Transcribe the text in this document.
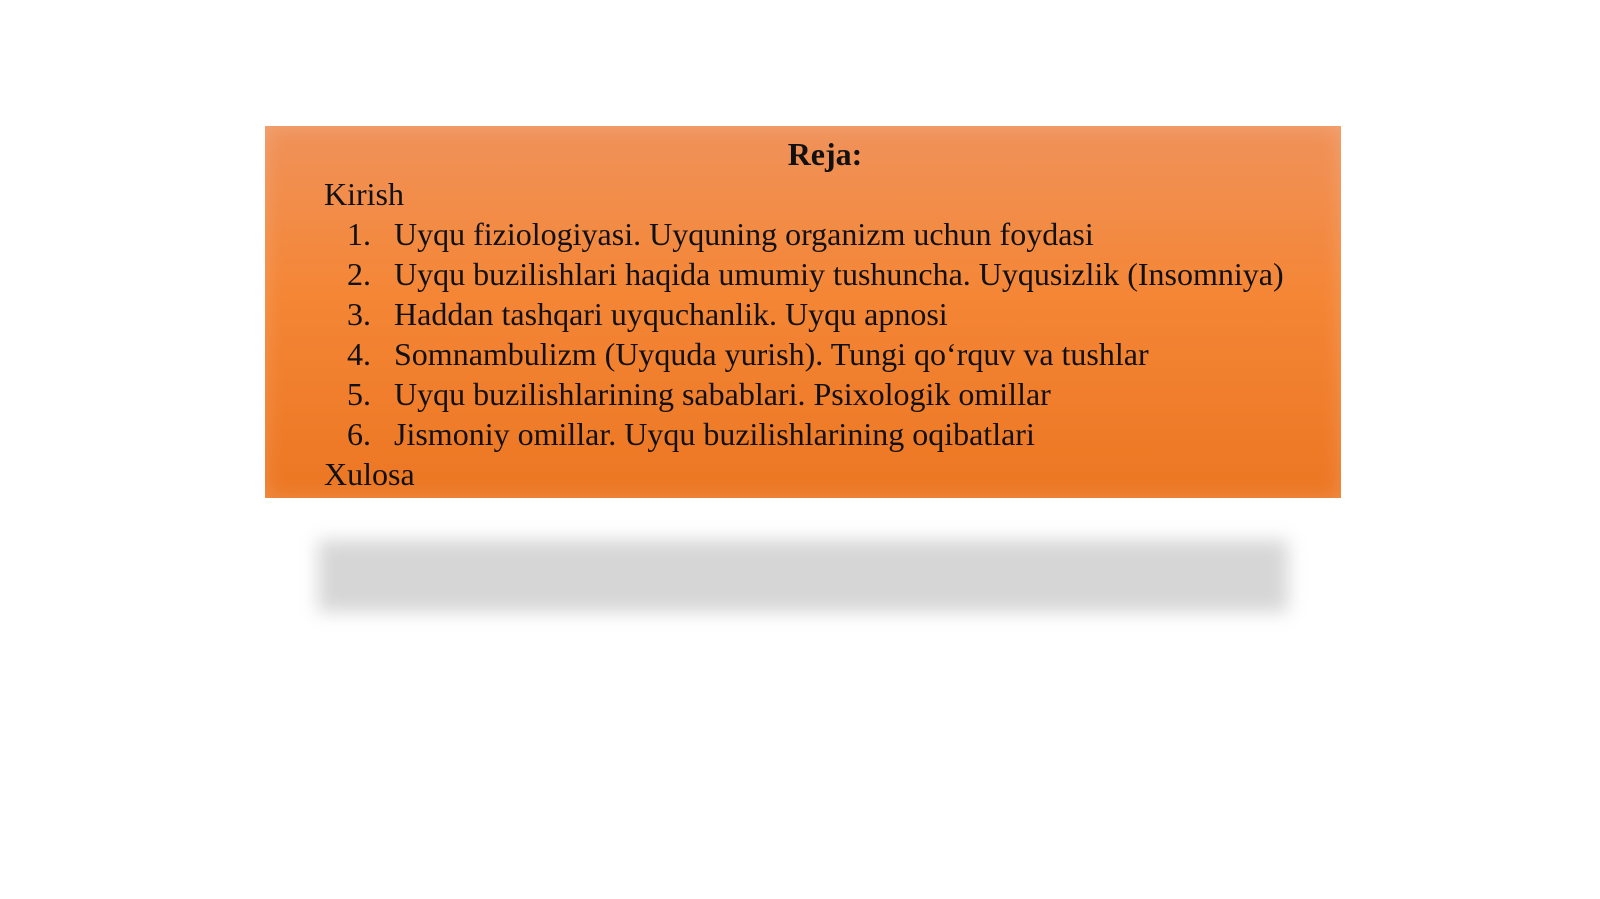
Reja:

Kirish

1. Uyqu fiziologiyasi. Uyquning organizm uchun foydasi
2. Uyqu buzilishlari haqida umumiy tushuncha. Uyqusizlik (Insomniya)
3. Haddan tashqari uyquchanlik. Uyqu apnosi
4. Somnambulizm (Uyquda yurish). Tungi qo‘rquv va tushlar
5. Uyqu buzilishlarining sabablari. Psixologik omillar
6. Jismoniy omillar. Uyqu buzilishlarining oqibatlari

Xulosa
